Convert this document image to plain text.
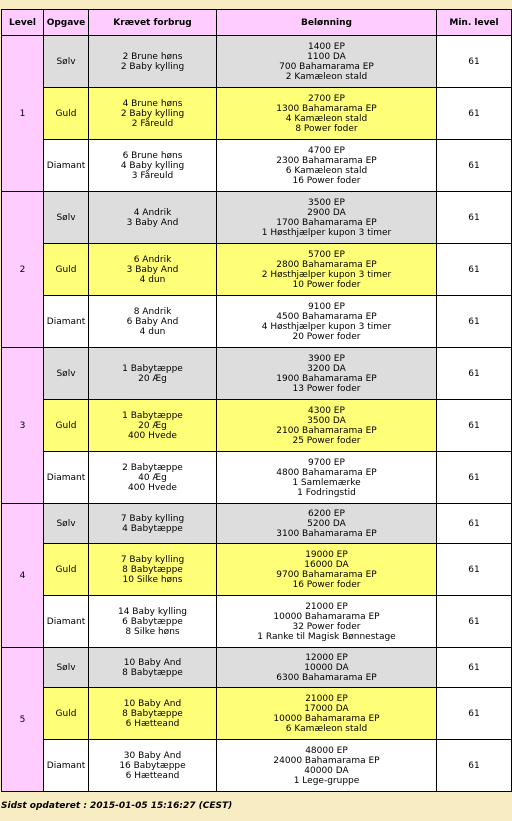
Level	Opgave	Krævet forbrug	Belønning	Min. level
1	Sølv	2 Brune høns
2 Baby kylling	1400 EP
1100 DA
700 Bahamarama EP
2 Kamæleon stald	61
	Guld	4 Brune høns
2 Baby kylling
2 Fåreuld	2700 EP
1300 Bahamarama EP
4 Kamæleon stald
8 Power foder	61
	Diamant	6 Brune høns
4 Baby kylling
3 Fåreuld	4700 EP
2300 Bahamarama EP
6 Kamæleon stald
16 Power foder	61
2	Sølv	4 Andrik
3 Baby And	3500 EP
2900 DA
1700 Bahamarama EP
1 Høsthjælper kupon 3 timer	61
	Guld	6 Andrik
3 Baby And
4 dun	5700 EP
2800 Bahamarama EP
2 Høsthjælper kupon 3 timer
10 Power foder	61
	Diamant	8 Andrik
6 Baby And
4 dun	9100 EP
4500 Bahamarama EP
4 Høsthjælper kupon 3 timer
20 Power foder	61
3	Sølv	1 Babytæppe
20 Æg	3900 EP
3200 DA
1900 Bahamarama EP
13 Power foder	61
	Guld	1 Babytæppe
20 Æg
400 Hvede	4300 EP
3500 DA
2100 Bahamarama EP
25 Power foder	61
	Diamant	2 Babytæppe
40 Æg
400 Hvede	9700 EP
4800 Bahamarama EP
1 Samlemærke
1 Fodringstid	61
4	Sølv	7 Baby kylling
4 Babytæppe	6200 EP
5200 DA
3100 Bahamarama EP	61
	Guld	7 Baby kylling
8 Babytæppe
10 Silke høns	19000 EP
16000 DA
9700 Bahamarama EP
16 Power foder	61
	Diamant	14 Baby kylling
6 Babytæppe
8 Silke høns	21000 EP
10000 Bahamarama EP
32 Power foder
1 Ranke til Magisk Bønnestage	61
5	Sølv	10 Baby And
8 Babytæppe	12000 EP
10000 DA
6300 Bahamarama EP	61
	Guld	10 Baby And
8 Babytæppe
6 Hætteand	21000 EP
17000 DA
10000 Bahamarama EP
6 Kamæleon stald	61
	Diamant	30 Baby And
16 Babytæppe
6 Hætteand	48000 EP
24000 Bahamarama EP
40000 DA
1 Lege-gruppe	61
Sidst opdateret : 2015-01-05 15:16:27 (CEST)
